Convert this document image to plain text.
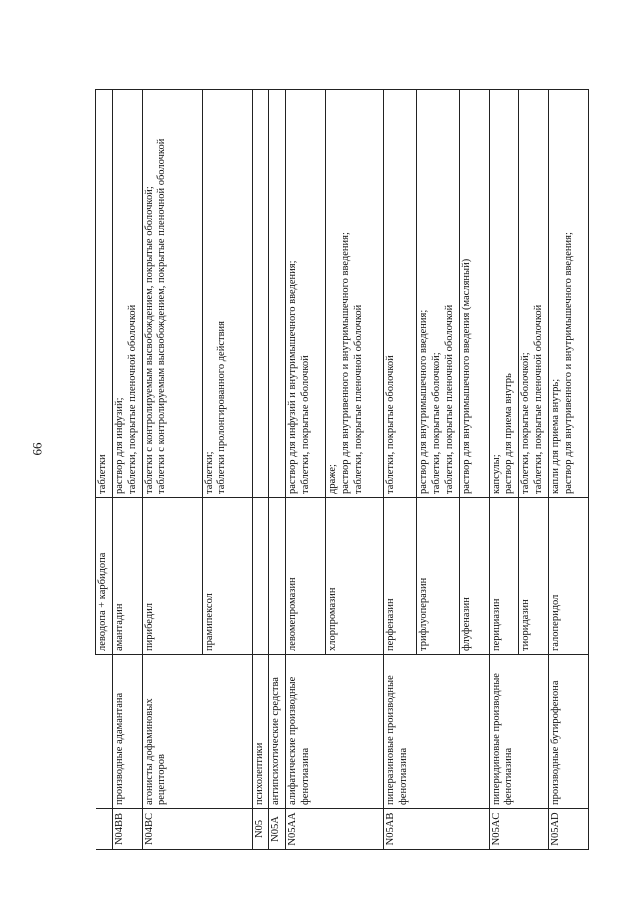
66
		леводопа + карбидопа	таблетки

N04BB	производные адамантана	амантадин	раствор для инфузий; таблетки, покрытые пленочной оболочкой

N04BC	агонисты дофаминовых рецепторов	пирибедил	таблетки с контролируемым высвобождением, покрытые оболочкой; таблетки с контролируемым высвобождением, покрытые пленочной оболочкой

		прамипексол	таблетки; таблетки пролонгированного действия

N05	психолептики		
N05A	антипсихотические средства		
N05AA	алифатические производные фенотиазина	левомепромазин	раствор для инфузий и внутримышечного введения; таблетки, покрытые оболочкой

		хлорпромазин	драже; раствор для внутривенного и внутримышечного введения; таблетки, покрытые пленочной оболочкой

N05AB	пиперазиновые производные фенотиазина	перфеназин	таблетки, покрытые оболочкой

		трифлуоперазин	раствор для внутримышечного введения; таблетки, покрытые оболочкой; таблетки, покрытые пленочной оболочкой

		флуфеназин	раствор для внутримышечного введения (масляный)

N05AC	пиперидиновые производные фенотиазина	перициазин	капсулы; раствор для приема внутрь

		тиоридазин	таблетки, покрытые оболочкой; таблетки, покрытые пленочной оболочкой

N05AD	производные бутирофенона	галоперидол	капли для приема внутрь; раствор для внутривенного и внутримышечного введения;
